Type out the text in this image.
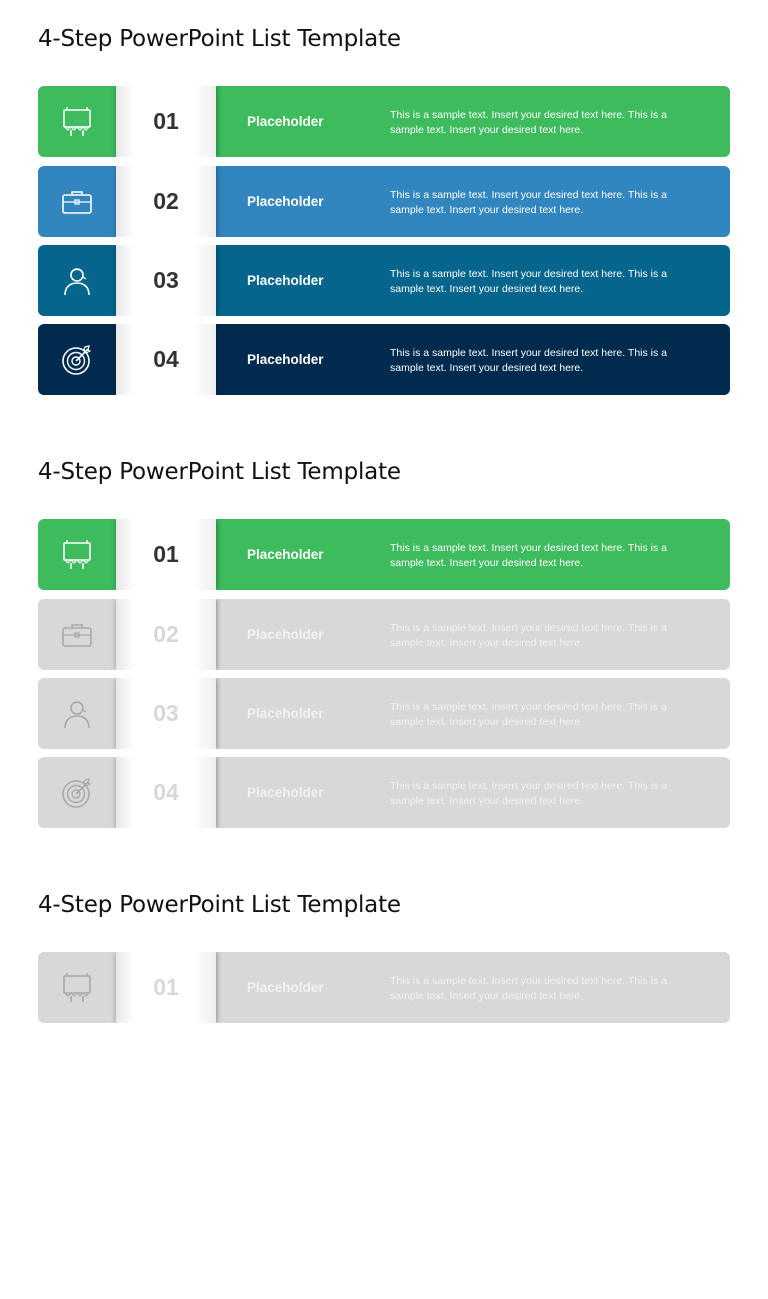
4-Step PowerPoint List Template
01	Placeholder	This is a sample text. Insert your desired text here. This is a sample text. Insert your desired text here.
02	Placeholder	This is a sample text. Insert your desired text here. This is a sample text. Insert your desired text here.
03	Placeholder	This is a sample text. Insert your desired text here. This is a sample text. Insert your desired text here.
04	Placeholder	This is a sample text. Insert your desired text here. This is a sample text. Insert your desired text here.
4-Step PowerPoint List Template
01	Placeholder	This is a sample text. Insert your desired text here. This is a sample text. Insert your desired text here.
02	Placeholder	This is a sample text. Insert your desired text here. This is a sample text. Insert your desired text here.
03	Placeholder	This is a sample text. Insert your desired text here. This is a sample text. Insert your desired text here.
04	Placeholder	This is a sample text. Insert your desired text here. This is a sample text. Insert your desired text here.
4-Step PowerPoint List Template
01	Placeholder	This is a sample text. Insert your desired text here. This is a sample text. Insert your desired text here.
